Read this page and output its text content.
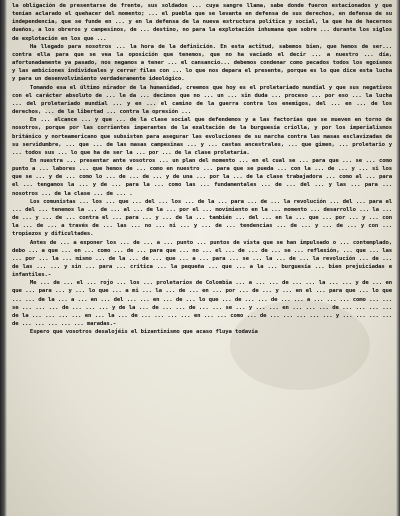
la obligación de presentarse de frente, sus soldados ... cuya sangre llama, sabe donde fueron estacionados y que tenían aclarado el quehacer del momento; ... el puebla que se levanta en defensa de sus derechos, en defensa de su independencia, que se funde en ... y en la defensa de la nueva estructura política y social, la que ha de hacernos dueños, a los obreros y campesinos, de ... destino, no para la explotación inhumana que sobre ... durante los siglos de explotación en los que ...

Ha llegado para nosotros ... la hora de la definición. En esta actitud, sabemos bien, que hemos de ser... contra ella para que se vea la oposición que tenemos, que no ha vaciado el decir ... a nuestro ... día, afortunadamente ya pasado, nos negamos a tener ... el cansancio... debemos condenar como pecados todos los egoísmos y las ambiciones individuales y cerrar filas con ... lo que nos depara el presente, porque es lo que dice esta lucha y para un desenvolvimiento verdaderamente ideológico.

Tomando esa el último mirador de la humanidad, creemos que hoy es el proletariado mundial y que sus negativos con el carácter absoluto de ... le da ... decimos que no ... un ... sin duda ... proceso ... por eso ... la lucha ... del proletariado mundial ... y en ... el camino de la guerra contra los enemigos, del ... en ... de los derechos, ... de la libertad ... contra la opresión ...

En ... alcance ... y que ... de la clase social que defendemos y a las factorías que se mueven en torno de nosotros, porque por las corrientes imperantes de la exaltación de la burguesía criolla, y por los imperialismos británico y norteamericano que subsisten para asegurar las evoluciones de su marcha contra las masas esclavizadas de su servidumbre, ... que ... de las masas campesinas ... y ... castas ancestrales, ... que gimen, ... proletario y ... todos sus ... lo que ha de ser la ... por ... de la clase proletaria.

En nuestra ... presentar ante vosotros ... un plan del momento ... en el cual se ... para que ... se ... como punto a ... labores ... que hemos de ... como en nuestro ... para que se pueda ... con la ... de ... y ... si los que se ... y de ... como lo ... de ... de ... y de una ... por la ... de la clase trabajadora ... como al ... para el ... tengamos la ... y de ... para la ... como las ... fundamentales ... de ... del ... y las ... para ... nosotros ... de la clase ... de ... .

Los comunistas ... los ... que ... del ... los ... de la ... para ... de ... la revolución ... del ... para el ... del ... tenemos la ... de ... al ... de la ... por el ... movimiento en la ... momento ... desarrollo ... la ... de ... y ... de ... contra el ... para ... y ... de la ... también ... del ... en la ... que ... por ... y ... con la ... de ... a través de ... las ... no ... ni ... y ... de ... tendencias ... de ... y ... de ... y con ... tropiezos y dificultades.

Antes de ... a exponer los ... de ... a ... punto ... puntos de vista que se han impulsado o ... contemplado, debo ... a que ... en ... como ... de ... para que ... no ... el ... de ... de ... se ... reflexión, ... que ... las ... por ... la ... mismo ... de la ... de ... que ... a ... para ... se ... la ... de ... la revolución ... de ... de las ... ... y sin ... para ... crítica ... la pequeña ... que ... a la ... burguesía ... bien prejuiciadas e infantiles.-

Me ... de ... el ... rojo ... los ... proletarios de Colombia ... a ... ... de ... ... la ... ... y de ... en que ... para ... y ... lo que ... a mi ... la ... de ... en ... por ... de ... y ... en el ... para que ... lo que ... ... de la ... a ... en ... del ... ... en ... de ... lo que ... de ... ... de ... ... a ... ... ... como ... ... se ... ... ... de ... ... ... y de la ... de ... ... de ... ... se ... y ... ... en ... ... ... de ... ... ... ... de la ... ... ... ... en ... la ... de ... ... ... ... en ... ... como ... de ... ... ... ... ... y ... ... ... ... de ... ... ... ... ... maradas.-

Espero que vosotros desalojéis el bizantinismo que acaso fluya todavía
